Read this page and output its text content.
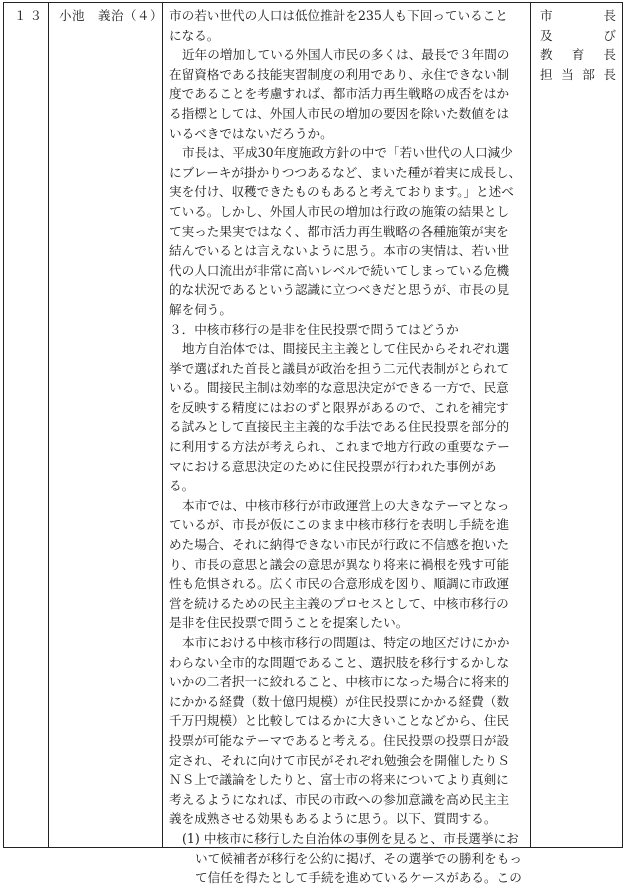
１３ 小池　義治（４） 市の若い世代の人口は低位推計を235人も下回っていること
になる。
近年の増加している外国人市民の多くは、最長で３年間の
在留資格である技能実習制度の利用であり、永住できない制
度であることを考慮すれば、都市活力再生戦略の成否をはか
る指標としては、外国人市民の増加の要因を除いた数値をは
いるべきではないだろうか。
市長は、平成30年度施政方針の中で「若い世代の人口減少
にブレーキが掛かりつつあるなど、まいた種が着実に成長し、
実を付け、収穫できたものもあると考えております。」と述べ
ている。しかし、外国人市民の増加は行政の施策の結果とし
て実った果実ではなく、都市活力再生戦略の各種施策が実を
結んでいるとは言えないように思う。本市の実情は、若い世
代の人口流出が非常に高いレベルで続いてしまっている危機
的な状況であるという認識に立つべきだと思うが、市長の見
解を伺う。
３．中核市移行の是非を住民投票で問うてはどうか
地方自治体では、間接民主主義として住民からそれぞれ選
挙で選ばれた首長と議員が政治を担う二元代表制がとられて
いる。間接民主制は効率的な意思決定ができる一方で、民意
を反映する精度にはおのずと限界があるので、これを補完す
る試みとして直接民主主義的な手法である住民投票を部分的
に利用する方法が考えられ、これまで地方行政の重要なテー
マにおける意思決定のために住民投票が行われた事例があ
る。
本市では、中核市移行が市政運営上の大きなテーマとなっ
ているが、市長が仮にこのまま中核市移行を表明し手続を進
めた場合、それに納得できない市民が行政に不信感を抱いた
り、市長の意思と議会の意思が異なり将来に禍根を残す可能
性も危惧される。広く市民の合意形成を図り、順調に市政運
営を続けるための民主主義のプロセスとして、中核市移行の
是非を住民投票で問うことを提案したい。
本市における中核市移行の問題は、特定の地区だけにかか
わらない全市的な問題であること、選択肢を移行するかしな
いかの二者択一に絞れること、中核市になった場合に将来的
にかかる経費（数十億円規模）が住民投票にかかる経費（数
千万円規模）と比較してはるかに大きいことなどから、住民
投票が可能なテーマであると考える。住民投票の投票日が設
定され、それに向けて市民がそれぞれ勉強会を開催したりＳ
ＮＳ上で議論をしたりと、富士市の将来についてより真剣に
考えるようになれば、市民の市政への参加意識を高め民主主
義を成熟させる効果もあるように思う。以下、質問する。
(1) 中核市に移行した自治体の事例を見ると、市長選挙にお
いて候補者が移行を公約に掲げ、その選挙での勝利をもっ
て信任を得たとして手続を進めているケースがある。この
市	長
及	び
教 育 長
担 当 部 長
